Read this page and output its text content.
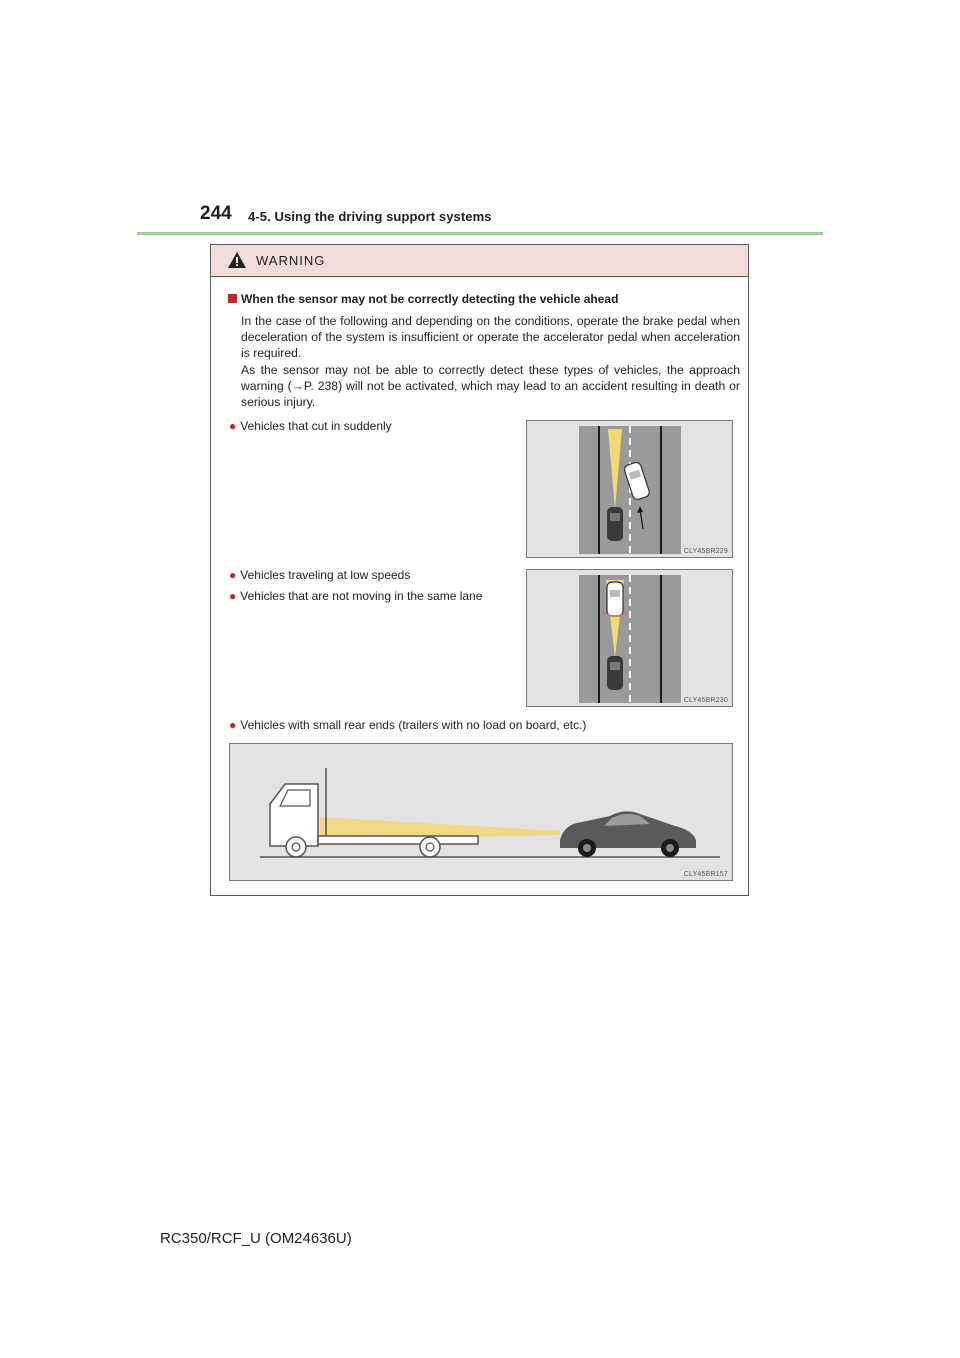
244 4-5. Using the driving support systems
WARNING
When the sensor may not be correctly detecting the vehicle ahead

In the case of the following and depending on the conditions, operate the brake pedal when deceleration of the system is insufficient or operate the accelerator pedal when acceleration is required.

As the sensor may not be able to correctly detect these types of vehicles, the approach warning (→P. 238) will not be activated, which may lead to an accident resulting in death or serious injury.

● Vehicles that cut in suddenly
CLY45BR229
● Vehicles traveling at low speeds
● Vehicles that are not moving in the same lane
CLY45BR230
● Vehicles with small rear ends (trailers with no load on board, etc.)
CLY45BR157
RC350/RCF_U (OM24636U)
